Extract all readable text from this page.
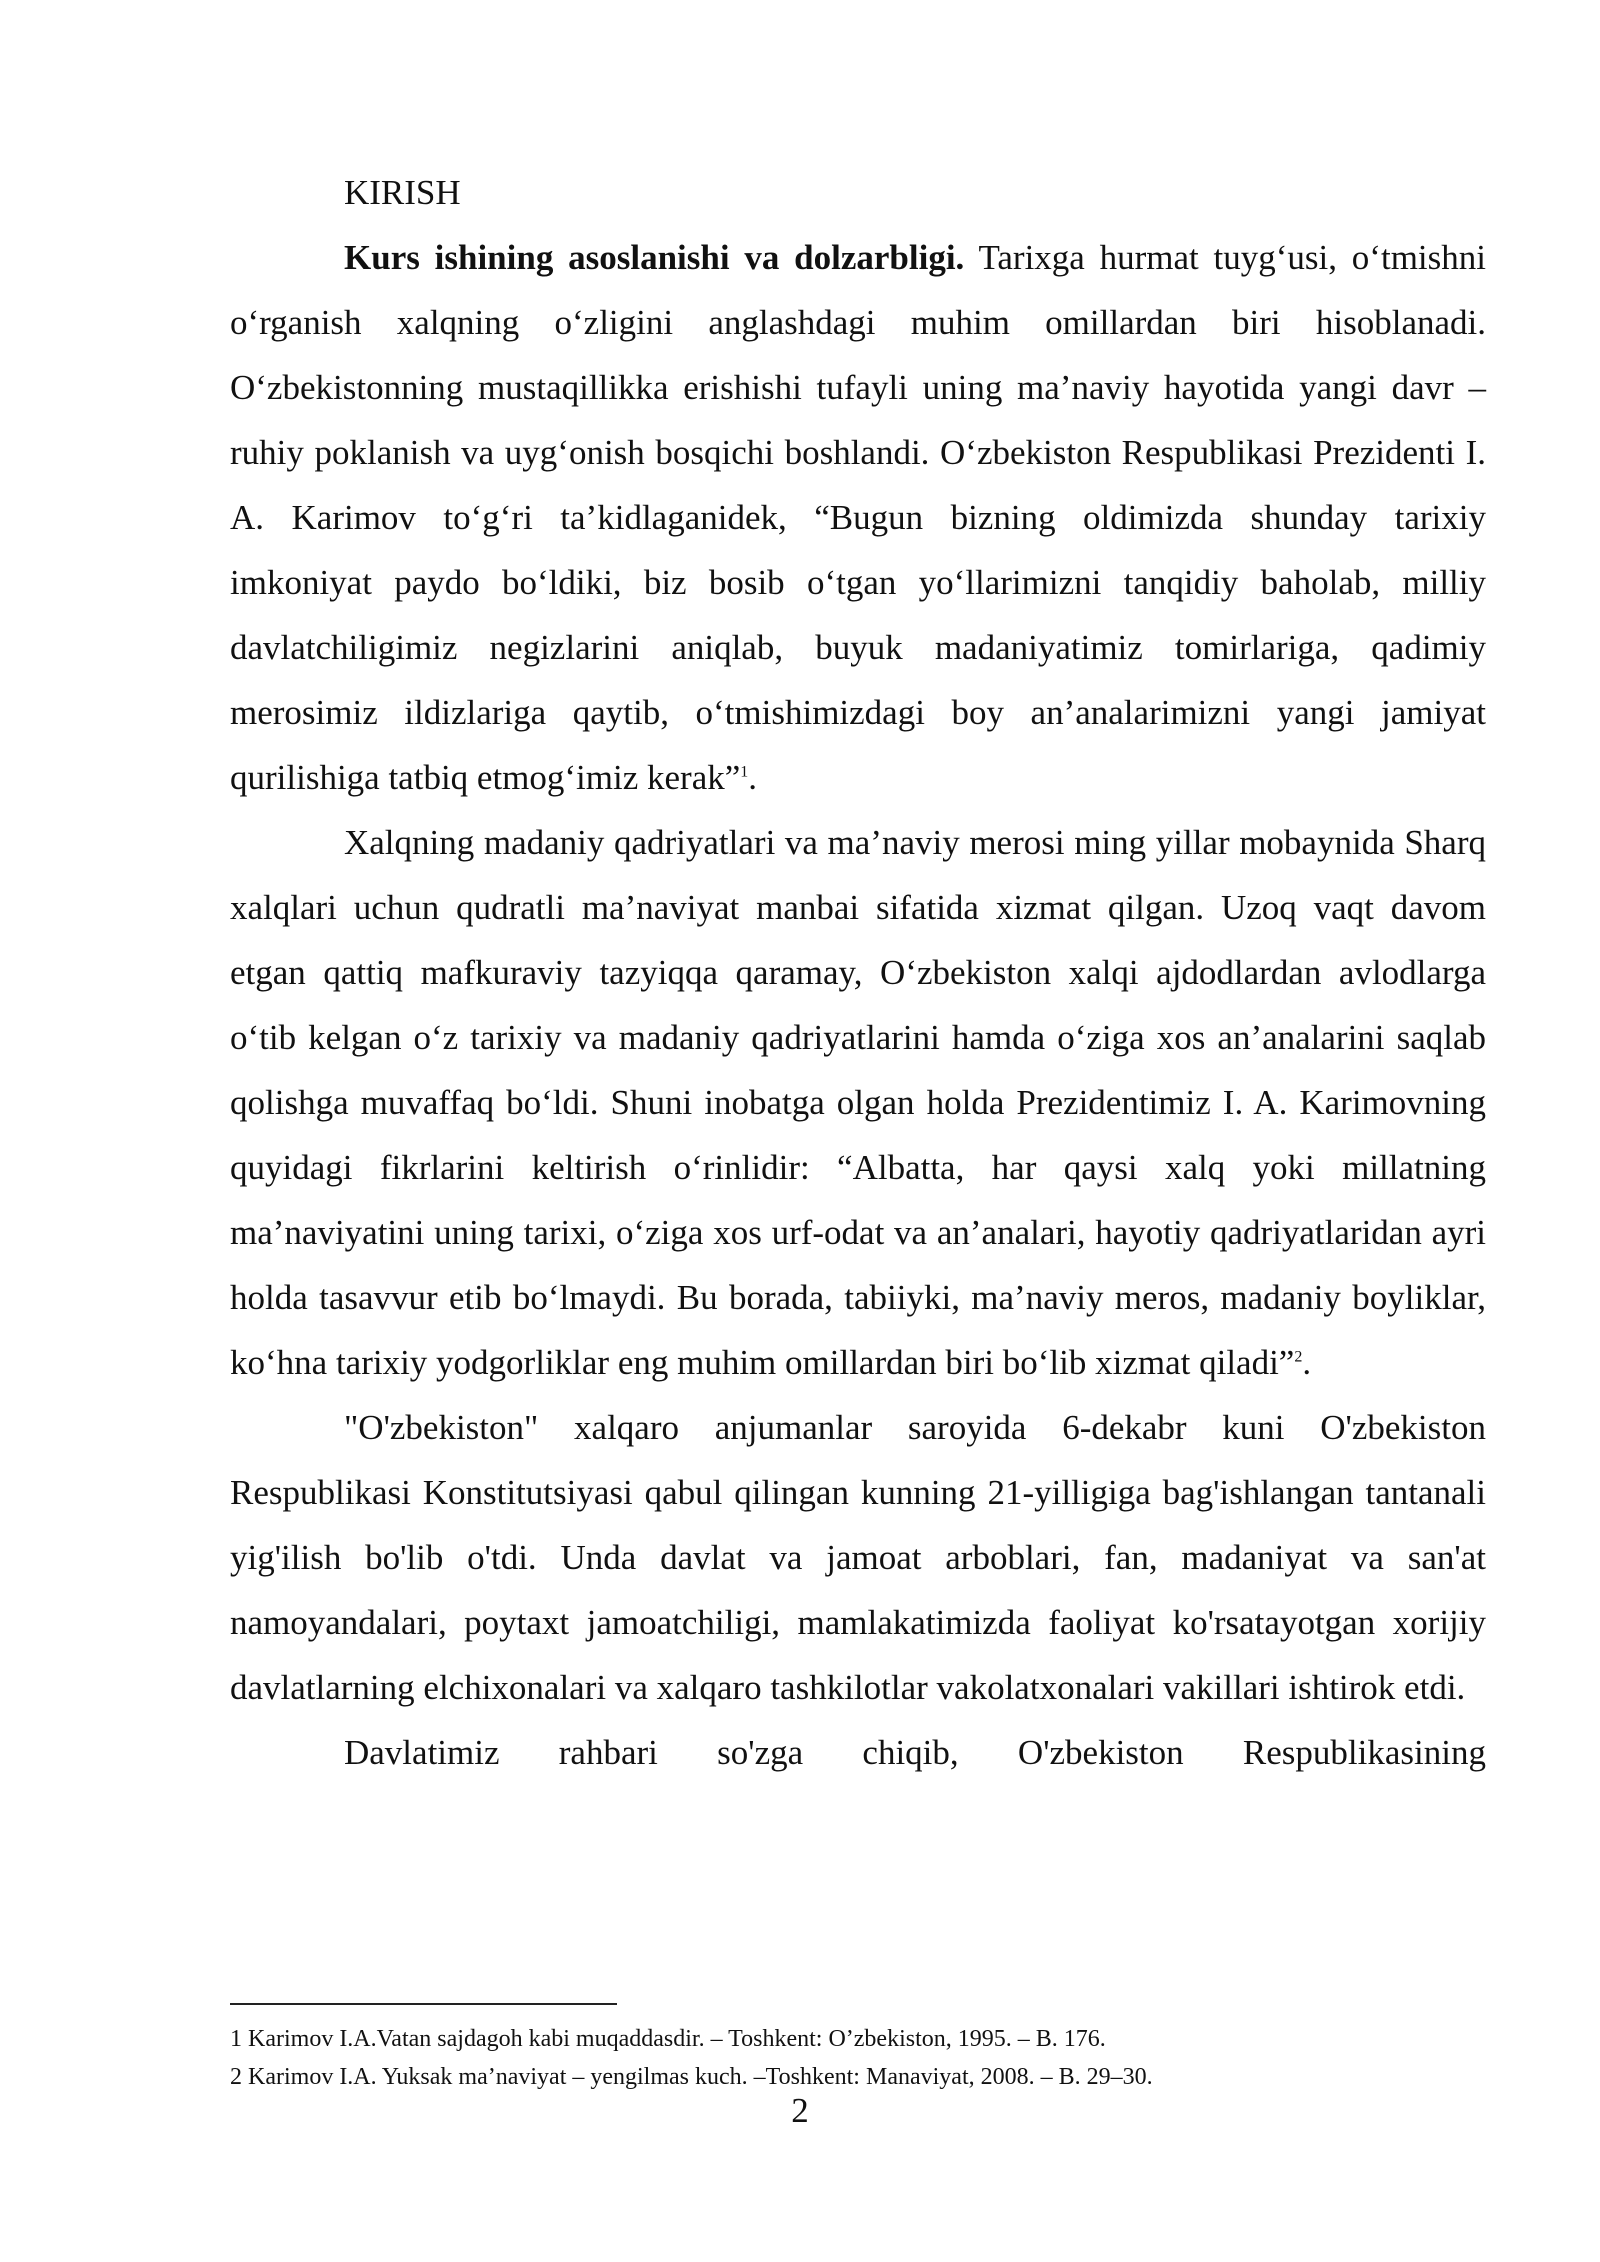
KIRISH

Kurs ishining asoslanishi va dolzarbligi. Tarixga hurmat tuyg‘usi, o‘tmishni o‘rganish xalqning o‘zligini anglashdagi muhim omillardan biri hisoblanadi. O‘zbekistonning mustaqillikka erishishi tufayli uning ma’naviy hayotida yangi davr – ruhiy poklanish va uyg‘onish bosqichi boshlandi. O‘zbekiston Respublikasi Prezidenti I. A. Karimov to‘g‘ri ta’kidlaganidek, “Bugun bizning oldimizda shunday tarixiy imkoniyat paydo bo‘ldiki, biz bosib o‘tgan yo‘llarimizni tanqidiy baholab, milliy davlatchiligimiz negizlarini aniqlab, buyuk madaniyatimiz tomirlariga, qadimiy merosimiz ildizlariga qaytib, o‘tmishimizdagi boy an’analarimizni yangi jamiyat qurilishiga tatbiq etmog‘imiz kerak”$^1$.

Xalqning madaniy qadriyatlari va ma’naviy merosi ming yillar mobaynida Sharq xalqlari uchun qudratli ma’naviyat manbai sifatida xizmat qilgan. Uzoq vaqt davom etgan qattiq mafkuraviy tazyiqqa qaramay, O‘zbekiston xalqi ajdodlardan avlodlarga o‘tib kelgan o‘z tarixiy va madaniy qadriyatlarini hamda o‘ziga xos an’analarini saqlab qolishga muvaffaq bo‘ldi. Shuni inobatga olgan holda Prezidentimiz I. A. Karimovning quyidagi fikrlarini keltirish o‘rinlidir: “Albatta, har qaysi xalq yoki millatning ma’naviyatini uning tarixi, o‘ziga xos urf-odat va an’analari, hayotiy qadriyatlaridan ayri holda tasavvur etib bo‘lmaydi. Bu borada, tabiiyki, ma’naviy meros, madaniy boyliklar, ko‘hna tarixiy yodgorliklar eng muhim omillardan biri bo‘lib xizmat qiladi”$^2$.

"O'zbekiston" xalqaro anjumanlar saroyida 6-dekabr kuni O'zbekiston Respublikasi Konstitutsiyasi qabul qilingan kunning 21-yilligiga bag'ishlangan tantanali yig'ilish bo'lib o'tdi. Unda davlat va jamoat arboblari, fan, madaniyat va san'at namoyandalari, poytaxt jamoatchiligi, mamlakatimizda faoliyat ko'rsatayotgan xorijiy davlatlarning elchixonalari va xalqaro tashkilotlar vakolatxonalari vakillari ishtirok etdi.

Davlatimiz rahbari so'zga chiqib, O'zbekiston Respublikasining

1 Karimov I.A.Vatan sajdagoh kabi muqaddasdir. – Toshkent: O’zbekiston, 1995. – B. 176.

2 Karimov I.A. Yuksak ma’naviyat – yengilmas kuch. –Toshkent: Manaviyat, 2008. – B. 29–30.

2
